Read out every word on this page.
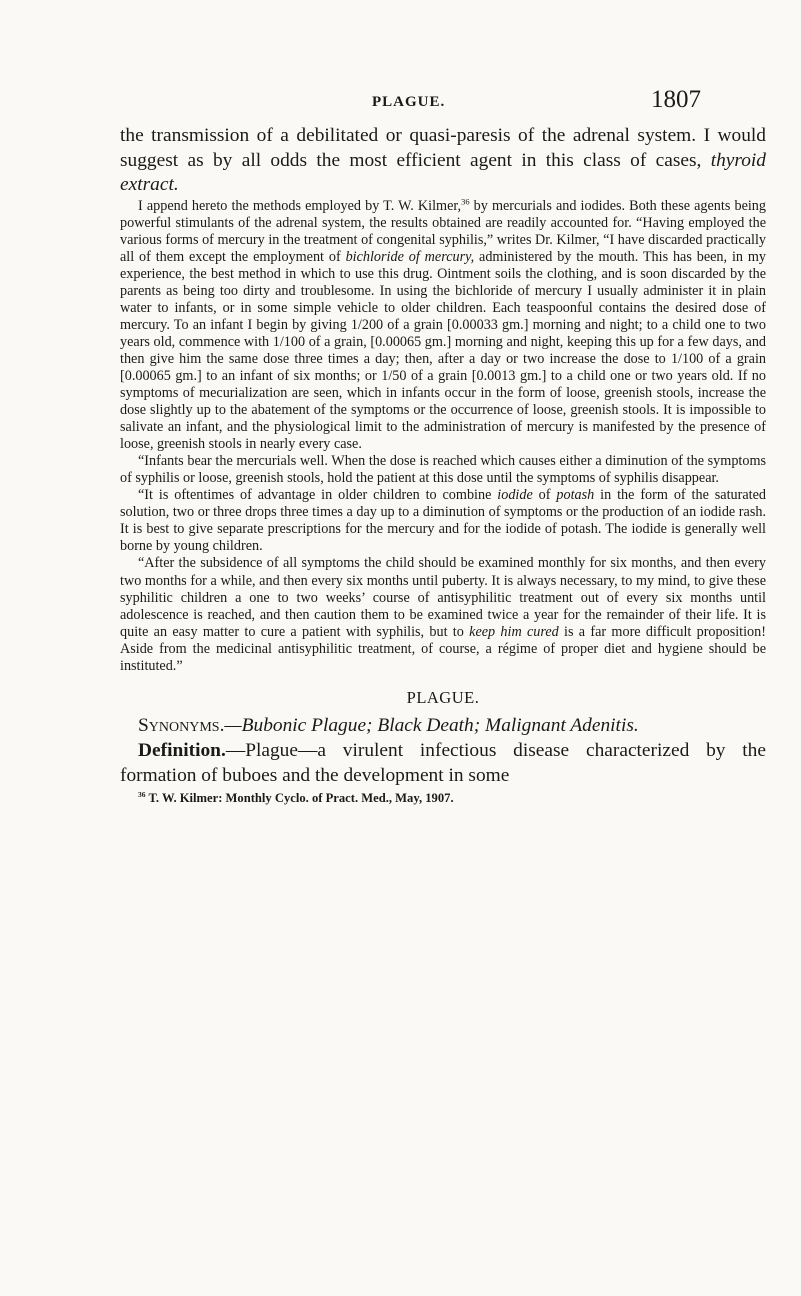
PLAGUE.	1807

the transmission of a debilitated or quasi-paresis of the adrenal system. I would suggest as by all odds the most efficient agent in this class of cases, thyroid extract.

I append hereto the methods employed by T. W. Kilmer,$^{36}$ by mercurials and iodides. Both these agents being powerful stimulants of the adrenal system, the results obtained are readily accounted for. “Having employed the various forms of mercury in the treatment of congenital syphilis,” writes Dr. Kilmer, “I have discarded practically all of them except the employment of bichloride of mercury, administered by the mouth. This has been, in my experience, the best method in which to use this drug. Ointment soils the clothing, and is soon discarded by the parents as being too dirty and troublesome. In using the bichloride of mercury I usually administer it in plain water to infants, or in some simple vehicle to older children. Each teaspoonful contains the desired dose of mercury. To an infant I begin by giving 1/200 of a grain [0.00033 gm.] morning and night; to a child one to two years old, commence with 1/100 of a grain, [0.00065 gm.] morning and night, keeping this up for a few days, and then give him the same dose three times a day; then, after a day or two increase the dose to 1/100 of a grain [0.00065 gm.] to an infant of six months; or 1/50 of a grain [0.0013 gm.] to a child one or two years old. If no symptoms of mecurialization are seen, which in infants occur in the form of loose, greenish stools, increase the dose slightly up to the abatement of the symptoms or the occurrence of loose, greenish stools. It is impossible to salivate an infant, and the physiological limit to the administration of mercury is manifested by the presence of loose, greenish stools in nearly every case.

“Infants bear the mercurials well. When the dose is reached which causes either a diminution of the symptoms of syphilis or loose, greenish stools, hold the patient at this dose until the symptoms of syphilis disappear.

“It is oftentimes of advantage in older children to combine iodide of potash in the form of the saturated solution, two or three drops three times a day up to a diminution of symptoms or the production of an iodide rash. It is best to give separate prescriptions for the mercury and for the iodide of potash. The iodide is generally well borne by young children.

“After the subsidence of all symptoms the child should be examined monthly for six months, and then every two months for a while, and then every six months until puberty. It is always necessary, to my mind, to give these syphilitic children a one to two weeks’ course of antisyphilitic treatment out of every six months until adolescence is reached, and then caution them to be examined twice a year for the remainder of their life. It is quite an easy matter to cure a patient with syphilis, but to keep him cured is a far more difficult proposition! Aside from the medicinal antisyphilitic treatment, of course, a régime of proper diet and hygiene should be instituted.”

PLAGUE.

Synonyms.—Bubonic Plague; Black Death; Malignant Adenitis.

Definition.—Plague—a virulent infectious disease characterized by the formation of buboes and the development in some

$^{36}$ T. W. Kilmer: Monthly Cyclo. of Pract. Med., May, 1907.
